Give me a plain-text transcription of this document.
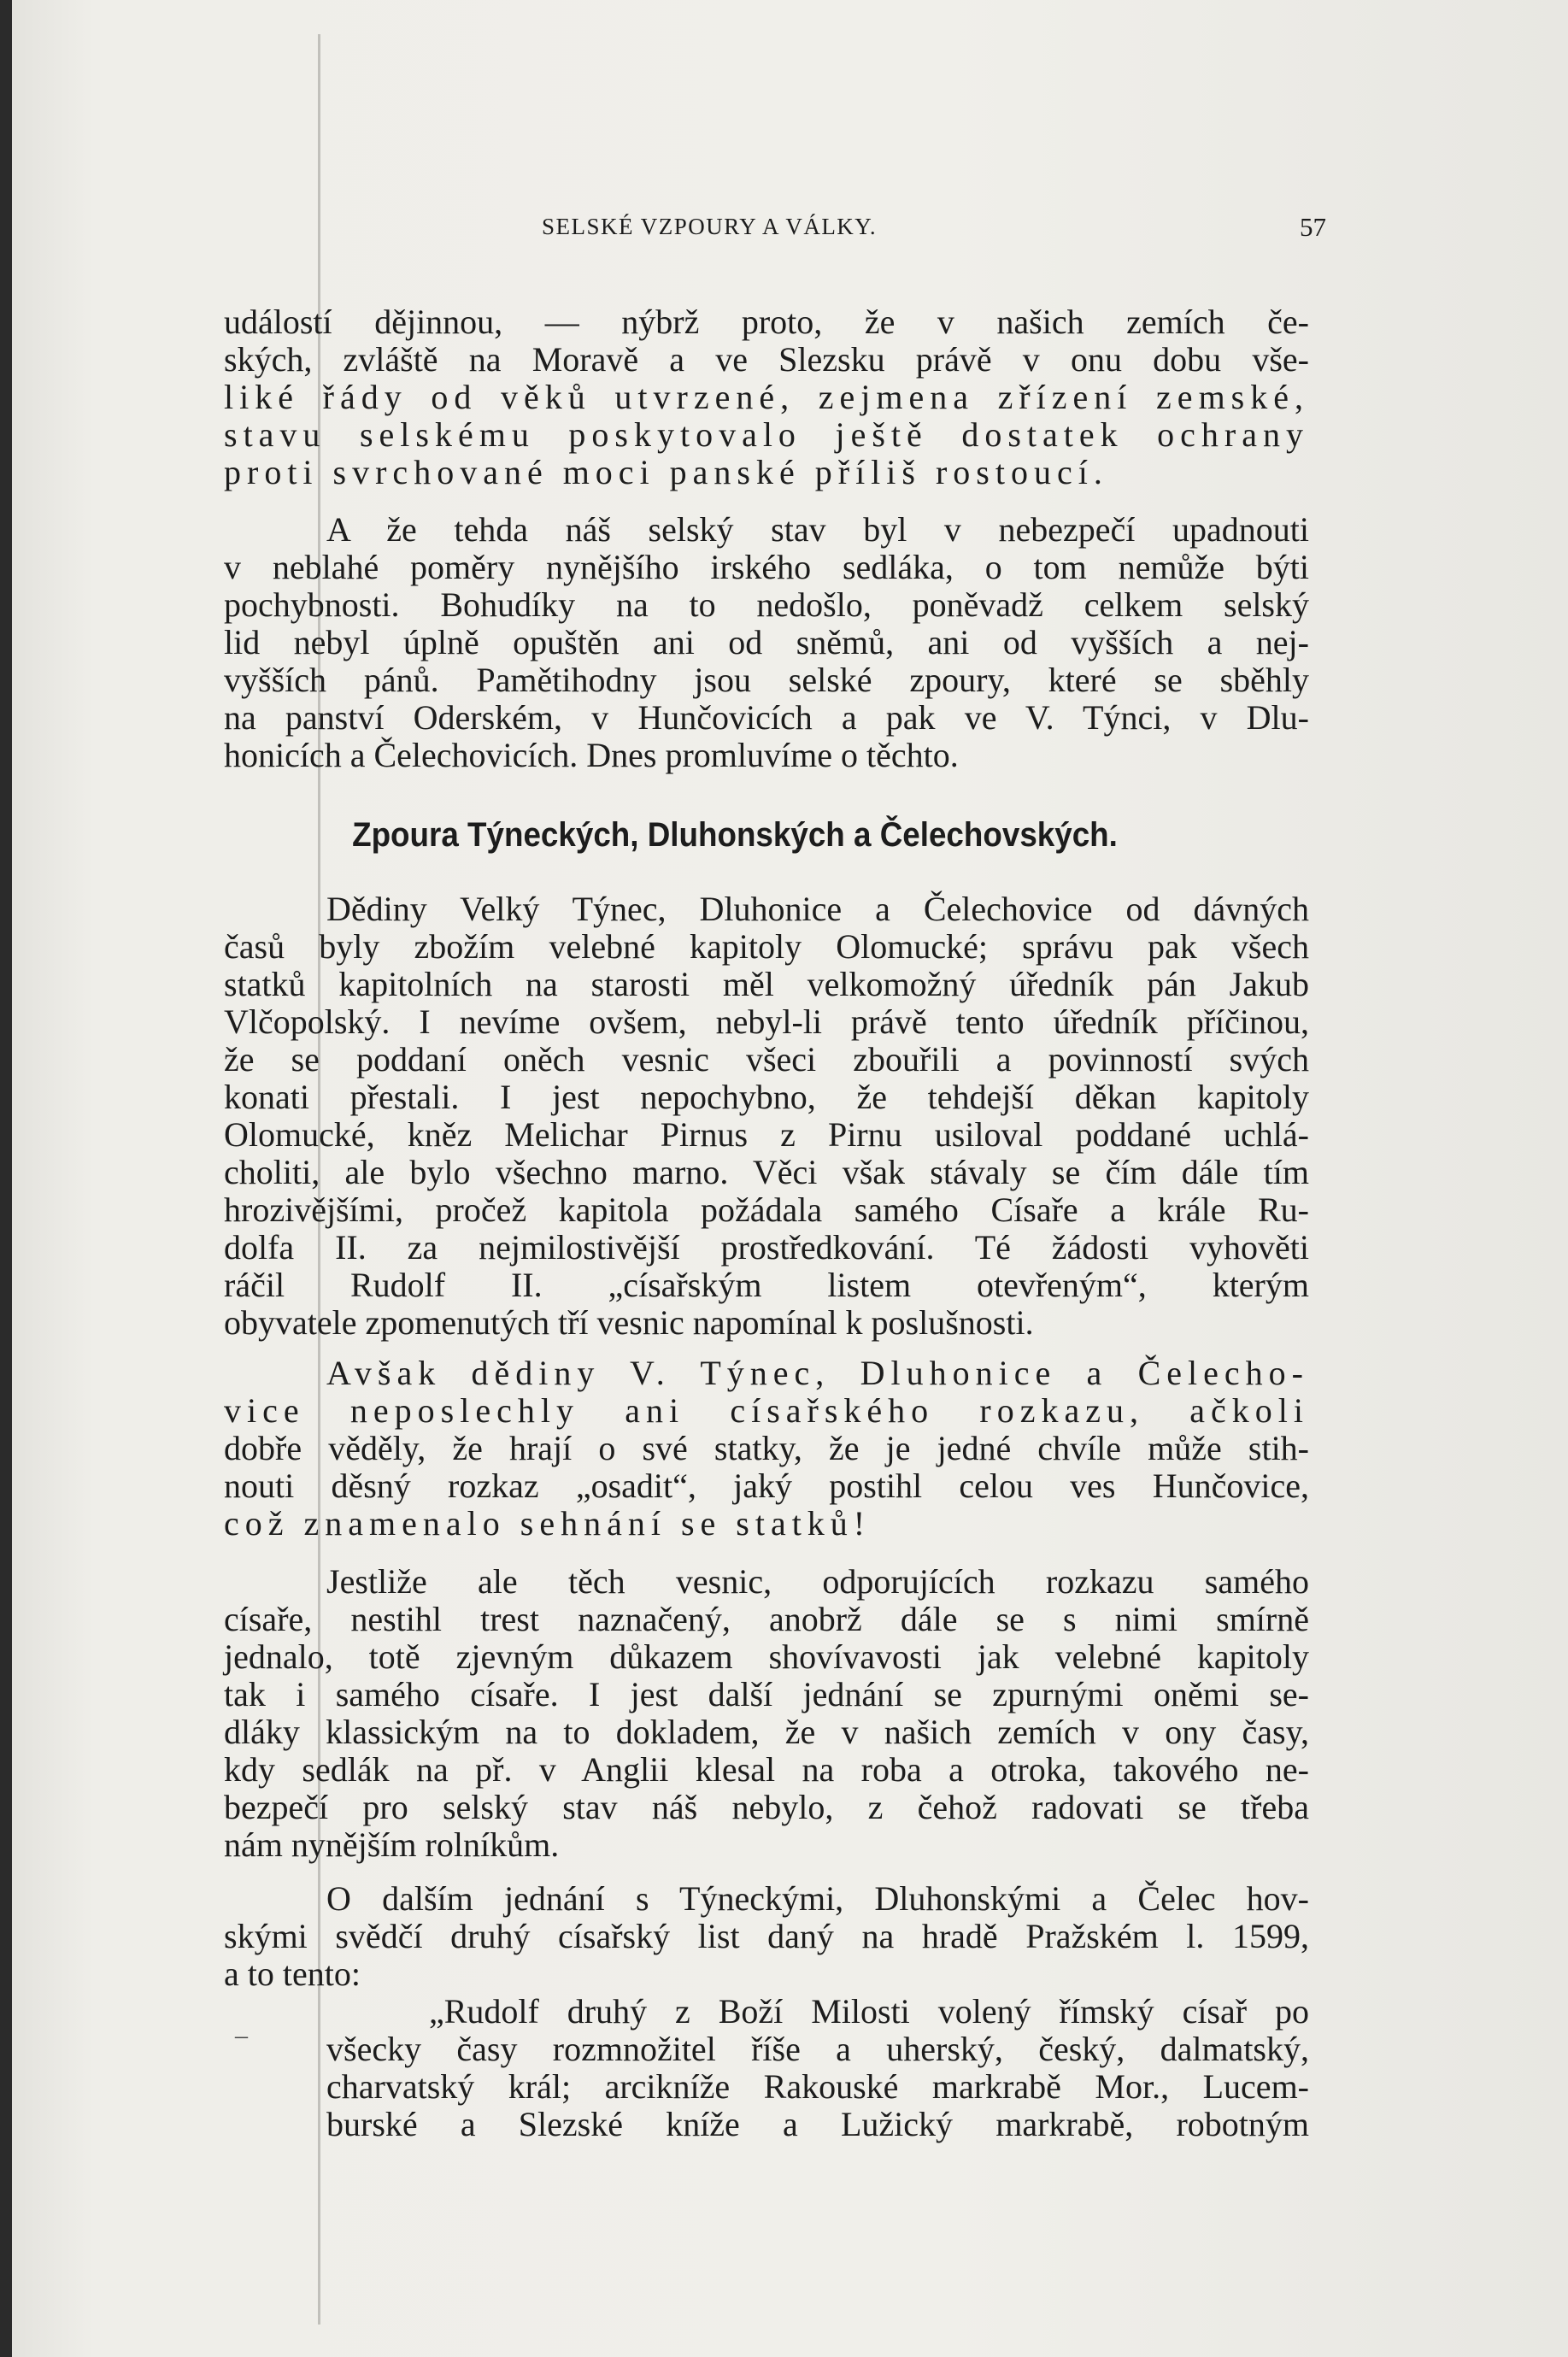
SELSKÉ VZPOURY A VÁLKY.	57
událostí dějinnou, — nýbrž proto, že v našich zemích če-
ských, zvláště na Moravě a ve Slezsku právě v onu dobu vše-
liké řády od věků utvrzené, zejmena zřízení zemské,
stavu selskému poskytovalo ještě dostatek ochrany
proti svrchované moci panské příliš rostoucí.
A že tehda náš selský stav byl v nebezpečí upadnouti
v neblahé poměry nynějšího irského sedláka, o tom nemůže býti
pochybnosti. Bohudíky na to nedošlo, poněvadž celkem selský
lid nebyl úplně opuštěn ani od sněmů, ani od vyšších a nej-
vyšších pánů. Pamětihodny jsou selské zpoury, které se sběhly
na panství Oderském, v Hunčovicích a pak ve V. Týnci, v Dlu-
honicích a Čelechovicích. Dnes promluvíme o těchto.
Zpoura Týneckých, Dluhonských a Čelechovských.
Dědiny Velký Týnec, Dluhonice a Čelechovice od dávných
časů byly zbožím velebné kapitoly Olomucké; správu pak všech
statků kapitolních na starosti měl velkomožný úředník pán Jakub
Vlčopolský. I nevíme ovšem, nebyl-li právě tento úředník příčinou,
že se poddaní oněch vesnic všeci zbouřili a povinností svých
konati přestali. I jest nepochybno, že tehdejší děkan kapitoly
Olomucké, kněz Melichar Pirnus z Pirnu usiloval poddané uchlá-
choliti, ale bylo všechno marno. Věci však stávaly se čím dále tím
hrozivějšími, pročež kapitola požádala samého Císaře a krále Ru-
dolfa II. za nejmilostivější prostředkování. Té žádosti vyhověti
ráčil Rudolf II. „císařským listem otevřeným“, kterým
obyvatele zpomenutých tří vesnic napomínal k poslušnosti.
Avšak dědiny V. Týnec, Dluhonice a Čelecho-
vice neposlechly ani císařského rozkazu, ačkoli
dobře věděly, že hrají o své statky, že je jedné chvíle může stih-
nouti děsný rozkaz „osadit“, jaký postihl celou ves Hunčovice,
což znamenalo sehnání se statků!
Jestliže ale těch vesnic, odporujících rozkazu samého
císaře, nestihl trest naznačený, anobrž dále se s nimi smírně
jednalo, totě zjevným důkazem shovívavosti jak velebné kapitoly
tak i samého císaře. I jest další jednání se zpurnými oněmi se-
dláky klassickým na to dokladem, že v našich zemích v ony časy,
kdy sedlák na př. v Anglii klesal na roba a otroka, takového ne-
bezpečí pro selský stav náš nebylo, z čehož radovati se třeba
nám nynějším rolníkům.
O dalším jednání s Týneckými, Dluhonskými a Čelec hov-
skými svědčí druhý císařský list daný na hradě Pražském l. 1599,
a to tento:
–
„Rudolf druhý z Boží Milosti volený římský císař po
všecky časy rozmnožitel říše a uherský, český, dalmatský,
charvatský král; arcikníže Rakouské markrabě Mor., Lucem-
burské a Slezské kníže a Lužický markrabě, robotným
